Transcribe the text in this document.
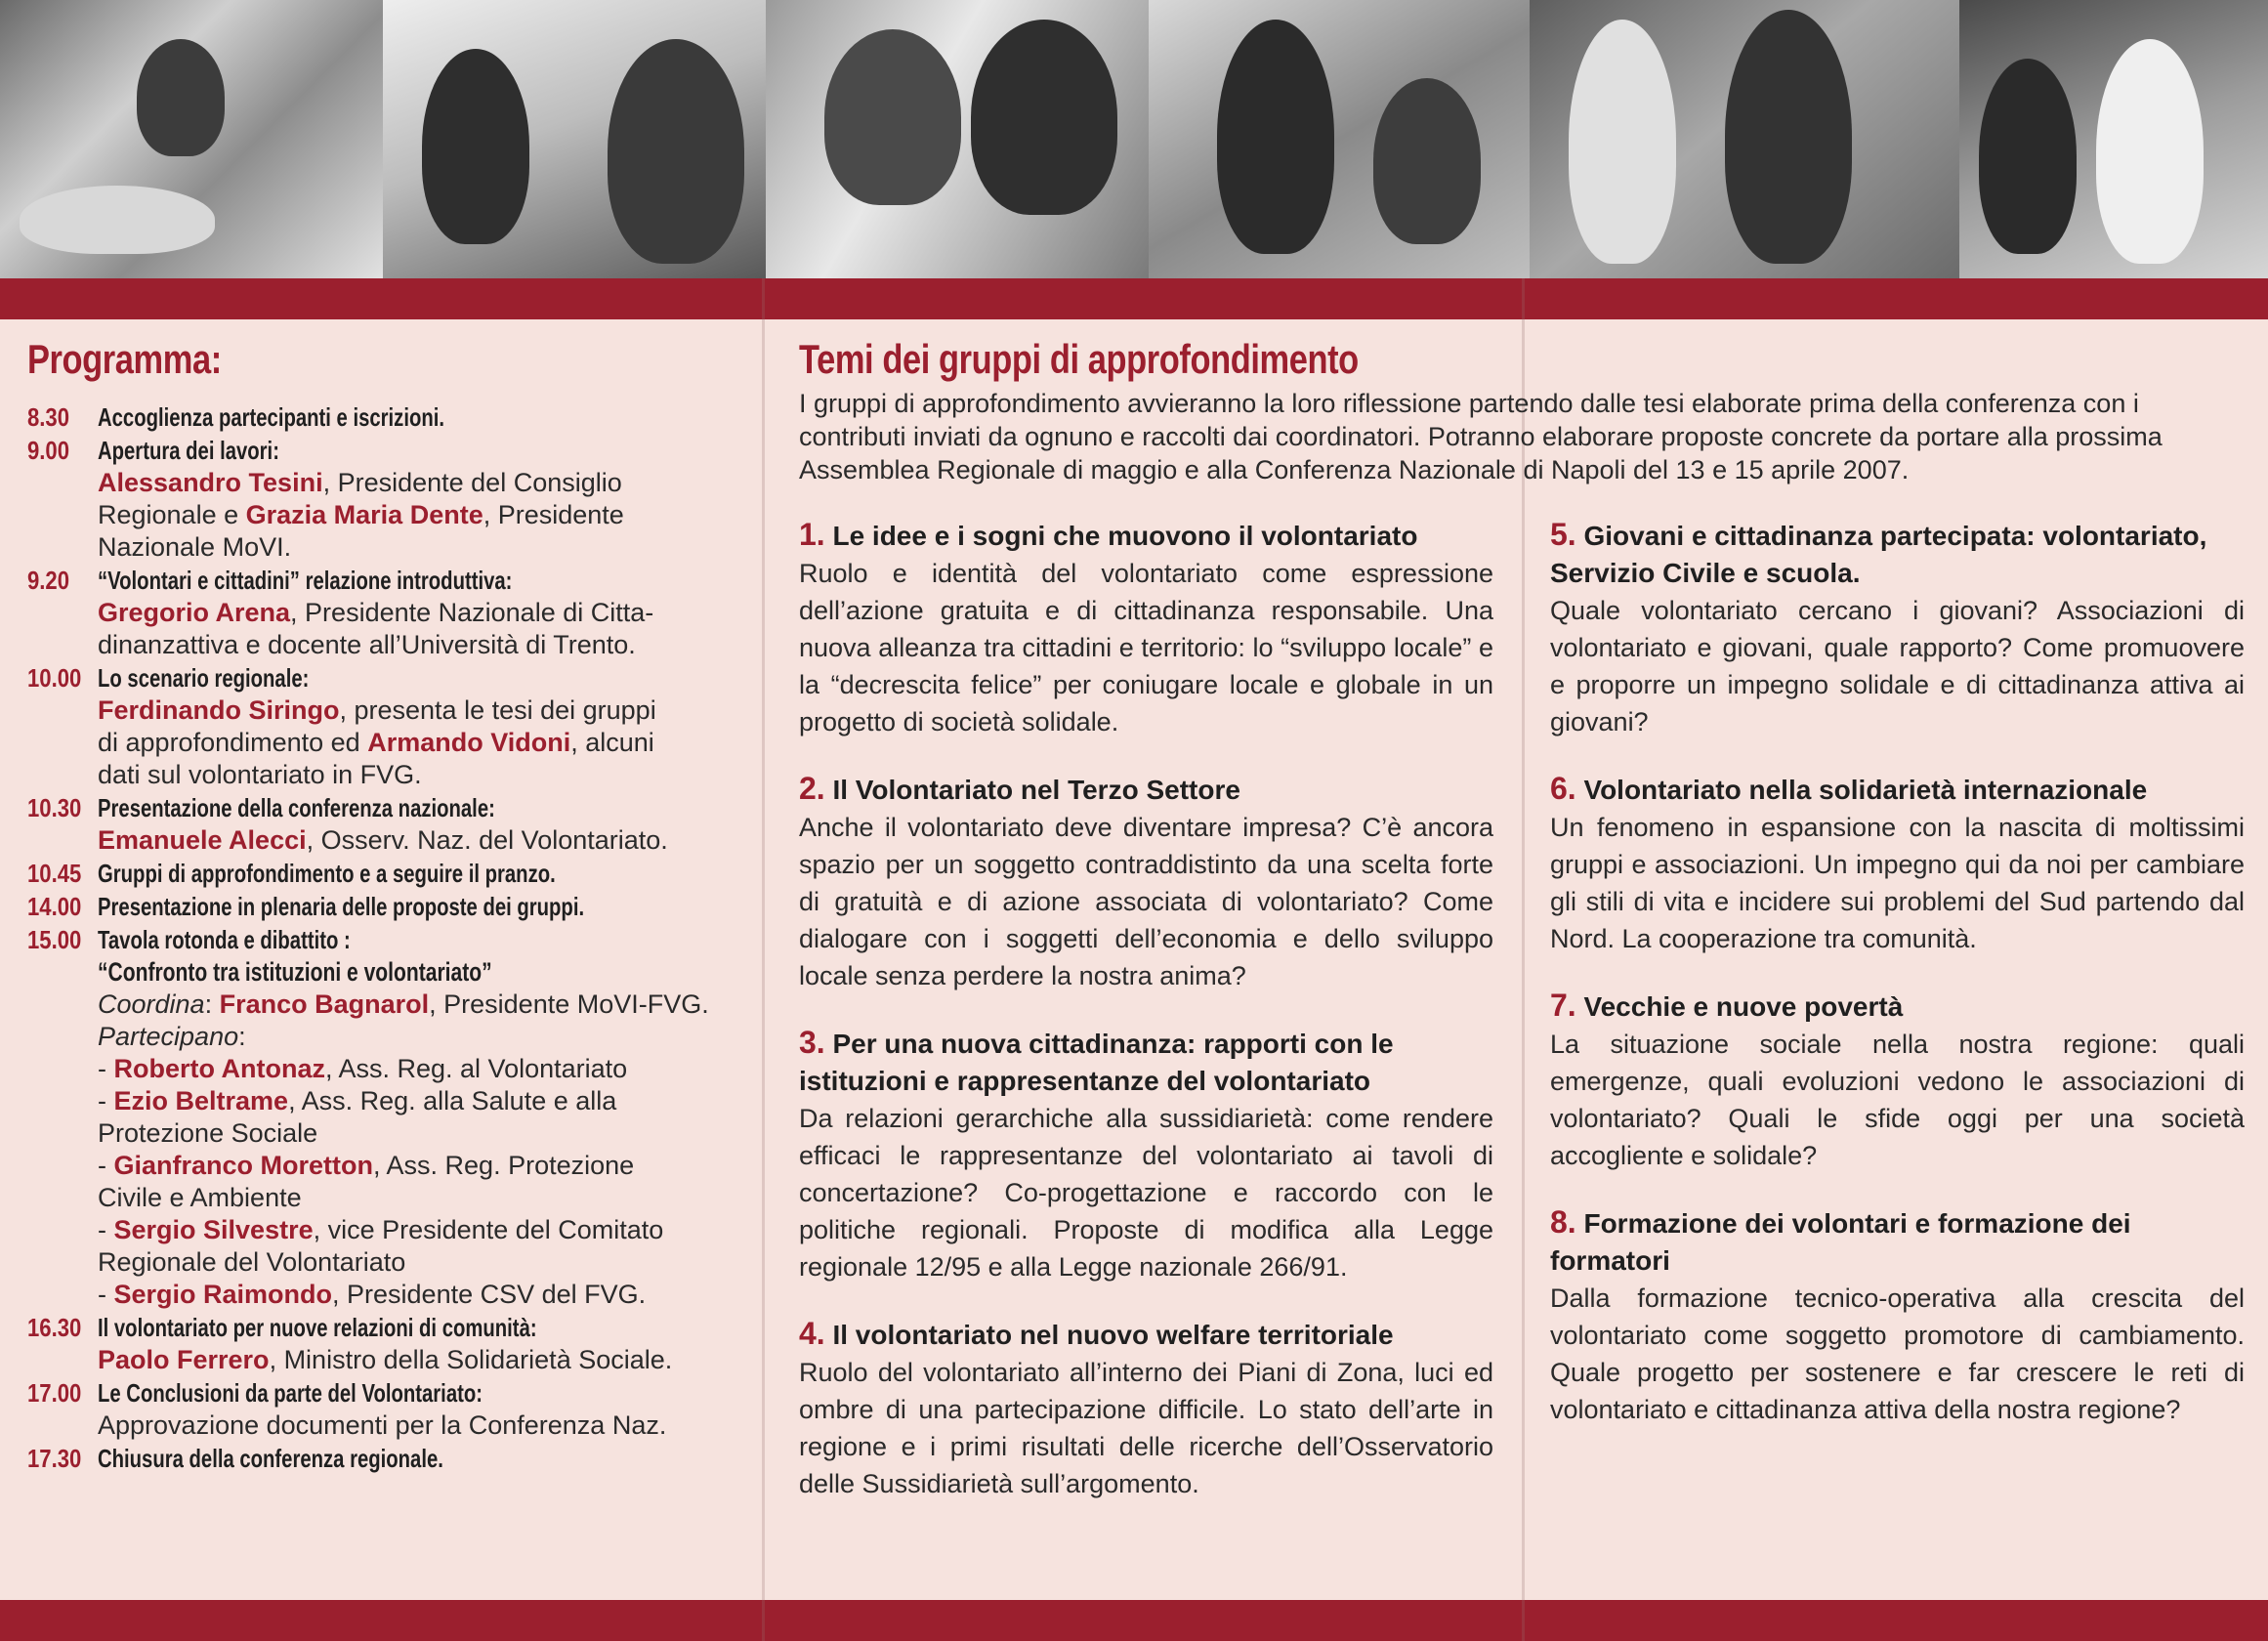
Programma:
8.30	Accoglienza partecipanti e iscrizioni.
9.00	Apertura dei lavori:
Alessandro Tesini, Presidente del Consiglio
Regionale e Grazia Maria Dente, Presidente
Nazionale MoVI.
9.20	“Volontari e cittadini” relazione introduttiva:
Gregorio Arena, Presidente Nazionale di Citta-
dinanzattiva e docente all’Università di Trento.
10.00 Lo scenario regionale:
Ferdinando Siringo, presenta le tesi dei gruppi
di approfondimento ed Armando Vidoni, alcuni
dati sul volontariato in FVG.
10.30 Presentazione della conferenza nazionale:
Emanuele Alecci, Osserv. Naz. del Volontariato.
10.45 Gruppi di approfondimento e a seguire il pranzo.
14.00 Presentazione in plenaria delle proposte dei gruppi.
15.00 Tavola rotonda e dibattito :
“Confronto tra istituzioni e volontariato”
Coordina: Franco Bagnarol, Presidente MoVI-FVG.
Partecipano:
- Roberto Antonaz, Ass. Reg. al Volontariato
- Ezio Beltrame, Ass. Reg. alla Salute e alla
Protezione Sociale
- Gianfranco Moretton, Ass. Reg. Protezione
Civile e Ambiente
- Sergio Silvestre, vice Presidente del Comitato
Regionale del Volontariato
- Sergio Raimondo, Presidente CSV del FVG.
16.30 Il volontariato per nuove relazioni di comunità:
Paolo Ferrero, Ministro della Solidarietà Sociale.
17.00 Le Conclusioni da parte del Volontariato:
Approvazione documenti per la Conferenza Naz.
17.30 Chiusura della conferenza regionale.
Temi dei gruppi di approfondimento
I gruppi di approfondimento avvieranno la loro riflessione partendo dalle tesi elaborate prima della conferenza con i contributi inviati da ognuno e raccolti dai coordinatori. Potranno elaborare proposte concrete da portare alla prossima Assemblea Regionale di maggio e alla Conferenza Nazionale di Napoli del 13 e 15 aprile 2007.
1. Le idee e i sogni che muovono il volontariato

Ruolo e identità del volontariato come espressione dell’azione gratuita e di cittadinanza responsabile. Una nuova alleanza tra cittadini e territorio: lo “sviluppo locale” e la “decrescita felice” per coniugare locale e globale in un progetto di società solidale.

2. Il Volontariato nel Terzo Settore

Anche il volontariato deve diventare impresa? C’è ancora spazio per un soggetto contraddistinto da una scelta forte di gratuità e di azione associata di volontariato? Come dialogare con i soggetti dell’economia e dello sviluppo locale senza perdere la nostra anima?

3. Per una nuova cittadinanza: rapporti con le istituzioni e rappresentanze del volontariato

Da relazioni gerarchiche alla sussidiarietà: come rendere efficaci le rappresentanze del volontariato ai tavoli di concertazione? Co-progettazione e raccordo con le politiche regionali. Proposte di modifica alla Legge regionale 12/95 e alla Legge nazionale 266/91.

4. Il volontariato nel nuovo welfare territoriale

Ruolo del volontariato all’interno dei Piani di Zona, luci ed ombre di una partecipazione difficile. Lo stato dell’arte in regione e i primi risultati delle ricerche dell’Osservatorio delle Sussidiarietà sull’argomento.

5. Giovani e cittadinanza partecipata: volontariato, Servizio Civile e scuola.

Quale volontariato cercano i giovani? Associazioni di volontariato e giovani, quale rapporto? Come promuovere e proporre un impegno solidale e di cittadinanza attiva ai giovani?

6. Volontariato nella solidarietà internazionale

Un fenomeno in espansione con la nascita di moltissimi gruppi e associazioni. Un impegno qui da noi per cambiare gli stili di vita e incidere sui problemi del Sud partendo dal Nord. La cooperazione tra comunità.

7. Vecchie e nuove povertà

La situazione sociale nella nostra regione: quali emergenze, quali evoluzioni vedono le associazioni di volontariato? Quali le sfide oggi per una società accogliente e solidale?

8. Formazione dei volontari e formazione dei formatori

Dalla formazione tecnico-operativa alla crescita del volontariato come soggetto promotore di cambiamento. Quale progetto per sostenere e far crescere le reti di volontariato e cittadinanza attiva della nostra regione?
